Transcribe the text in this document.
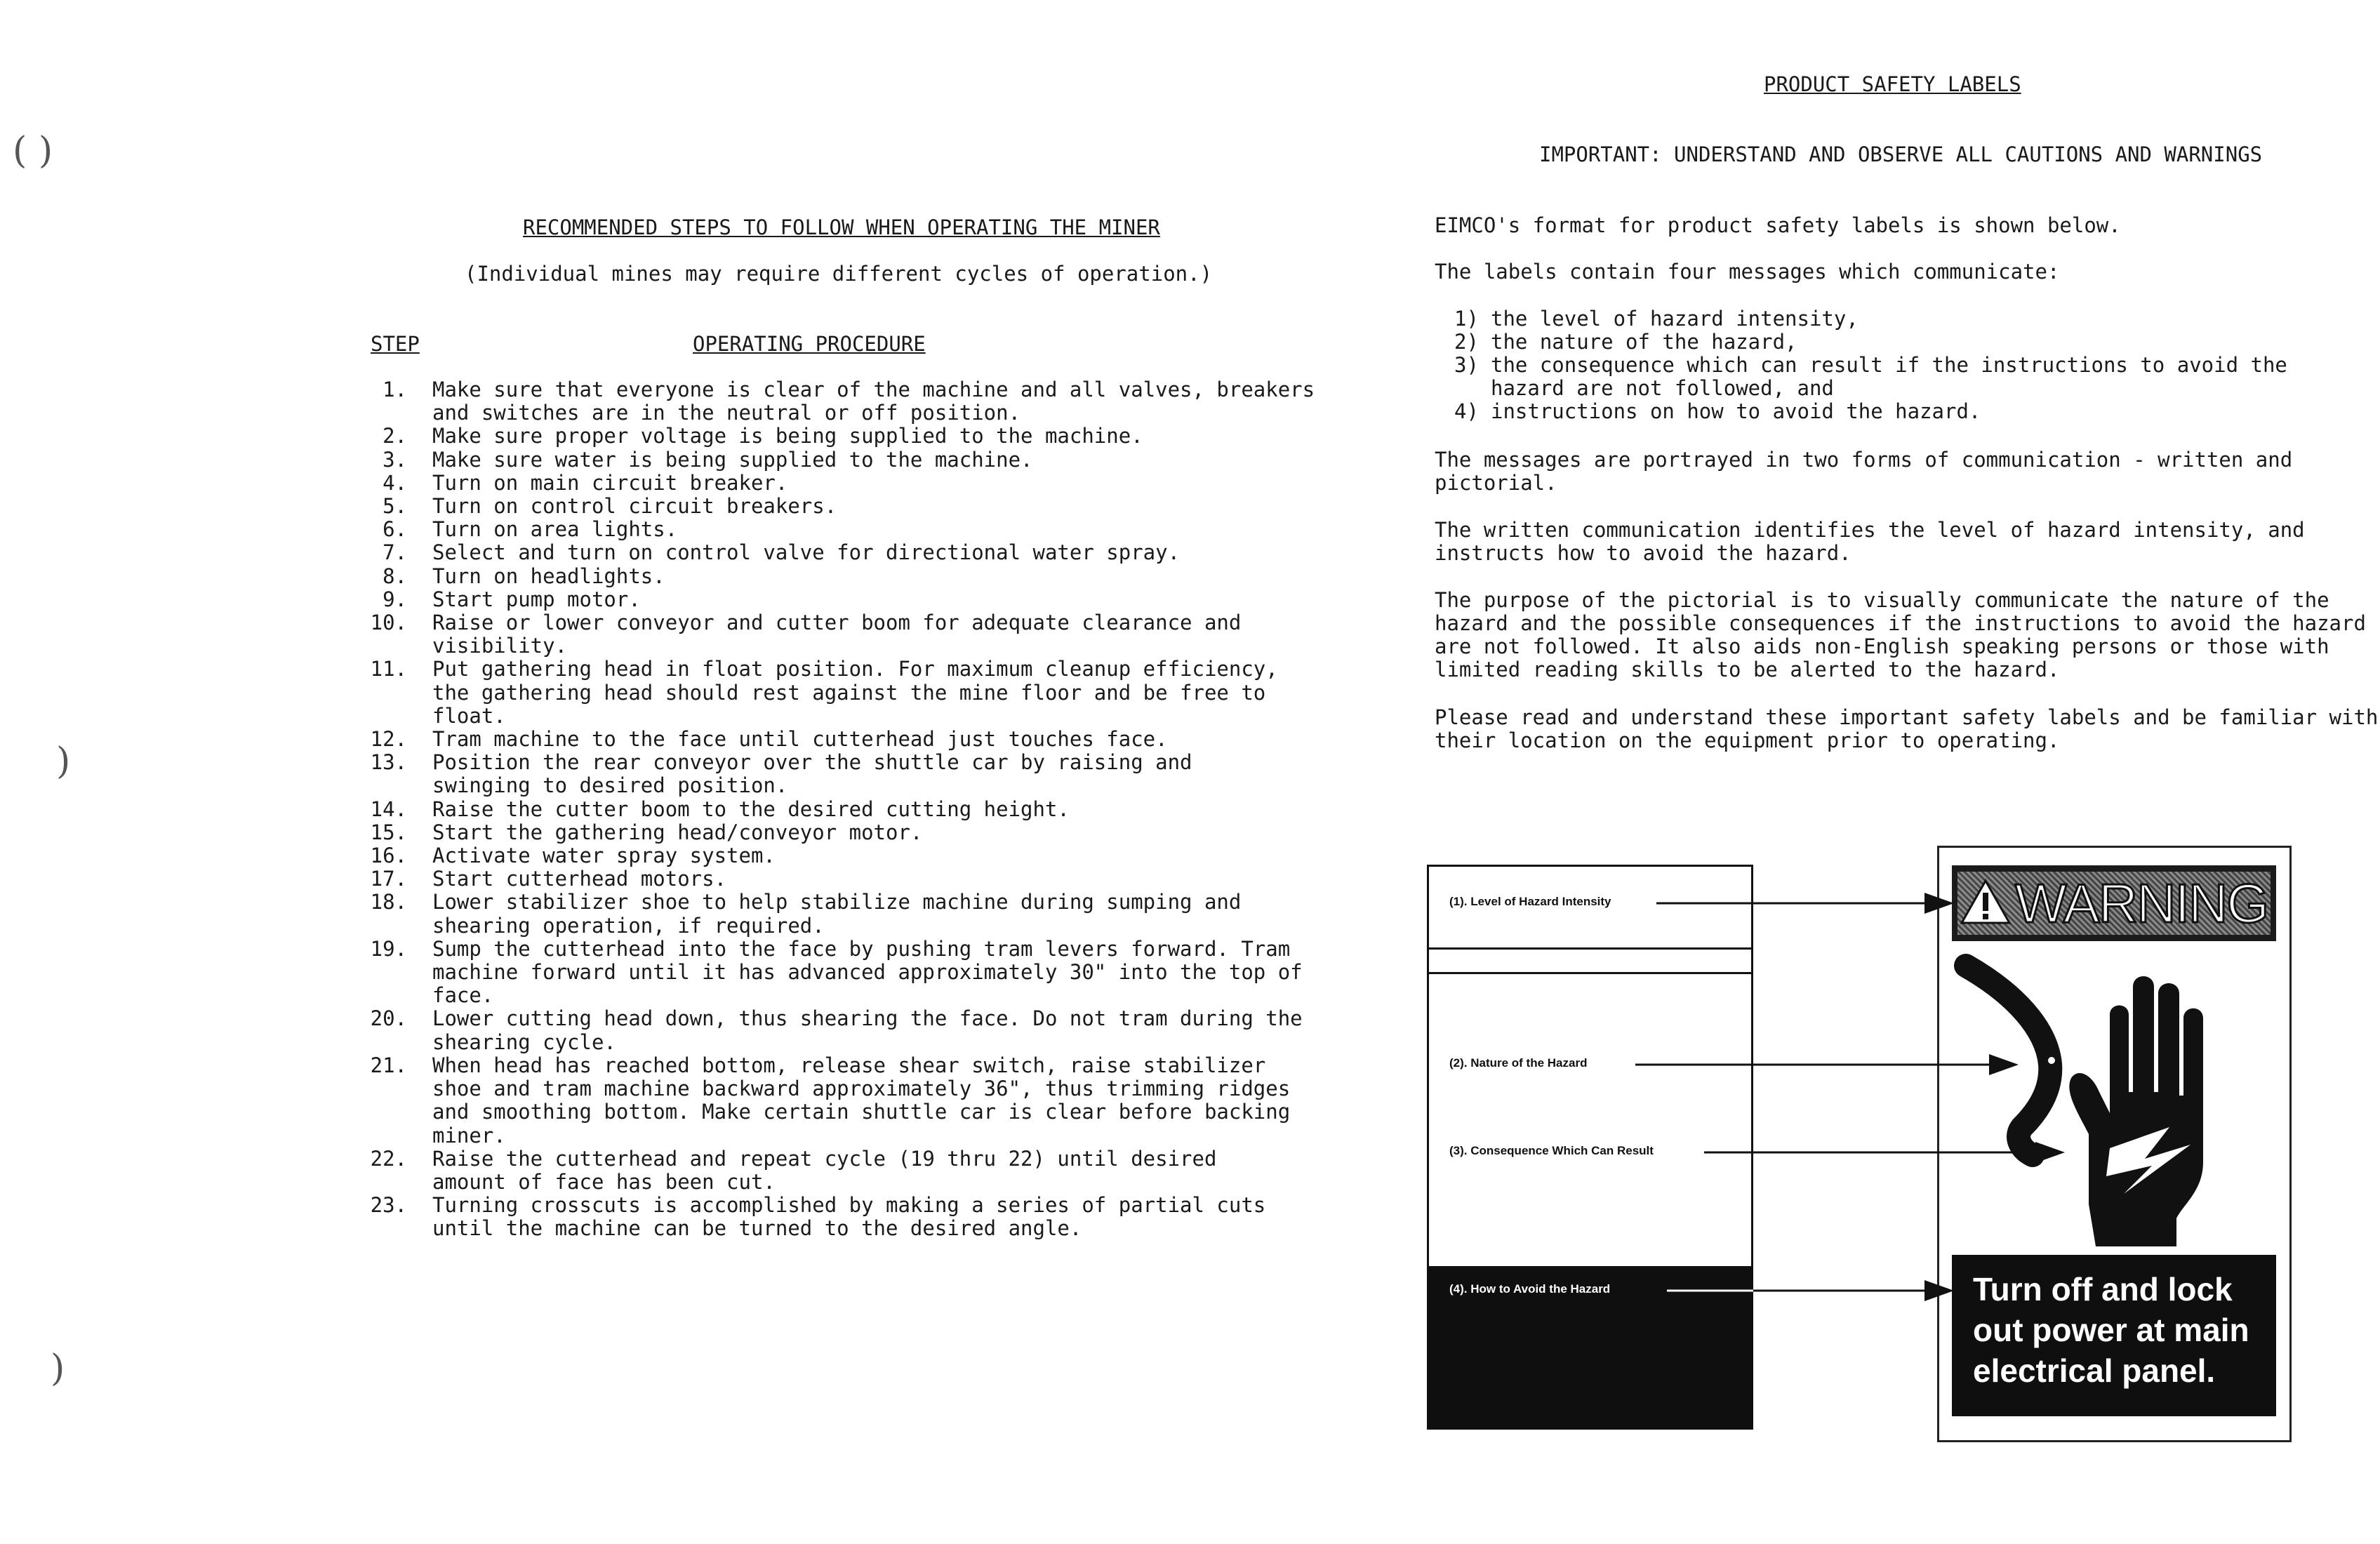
( )
)
)
RECOMMENDED STEPS TO FOLLOW WHEN OPERATING THE MINER
(Individual mines may require different cycles of operation.)
STEP	OPERATING PROCEDURE
1. Make sure that everyone is clear of the machine and all valves, breakers
and switches are in the neutral or off position.
2. Make sure proper voltage is being supplied to the machine.
3. Make sure water is being supplied to the machine.
4. Turn on main circuit breaker.
5. Turn on control circuit breakers.
6. Turn on area lights.
7. Select and turn on control valve for directional water spray.
8. Turn on headlights.
9. Start pump motor.
10. Raise or lower conveyor and cutter boom for adequate clearance and
visibility.
11. Put gathering head in float position. For maximum cleanup efficiency,
the gathering head should rest against the mine floor and be free to
float.
12. Tram machine to the face until cutterhead just touches face.
13. Position the rear conveyor over the shuttle car by raising and
swinging to desired position.
14. Raise the cutter boom to the desired cutting height.
15. Start the gathering head/conveyor motor.
16. Activate water spray system.
17. Start cutterhead motors.
18. Lower stabilizer shoe to help stabilize machine during sumping and
shearing operation, if required.
19. Sump the cutterhead into the face by pushing tram levers forward. Tram
machine forward until it has advanced approximately 30" into the top of
face.
20. Lower cutting head down, thus shearing the face. Do not tram during the
shearing cycle.
21. When head has reached bottom, release shear switch, raise stabilizer
shoe and tram machine backward approximately 36", thus trimming ridges
and smoothing bottom. Make certain shuttle car is clear before backing
miner.
22. Raise the cutterhead and repeat cycle (19 thru 22) until desired
amount of face has been cut.
23. Turning crosscuts is accomplished by making a series of partial cuts
until the machine can be turned to the desired angle.
PRODUCT SAFETY LABELS
IMPORTANT: UNDERSTAND AND OBSERVE ALL CAUTIONS AND WARNINGS
EIMCO's format for product safety labels is shown below.
The labels contain four messages which communicate:
1) the level of hazard intensity,
2) the nature of the hazard,
3) the consequence which can result if the instructions to avoid the
hazard are not followed, and
4) instructions on how to avoid the hazard.
The messages are portrayed in two forms of communication - written and
pictorial.
The written communication identifies the level of hazard intensity, and
instructs how to avoid the hazard.
The purpose of the pictorial is to visually communicate the nature of the
hazard and the possible consequences if the instructions to avoid the hazard
are not followed. It also aids non-English speaking persons or those with
limited reading skills to be alerted to the hazard.
Please read and understand these important safety labels and be familiar with
their location on the equipment prior to operating.
(1). Level of Hazard Intensity
(2). Nature of the Hazard
(3). Consequence Which Can Result
(4). How to Avoid the Hazard
WARNING
Turn off and lock
out power at main
electrical panel.
